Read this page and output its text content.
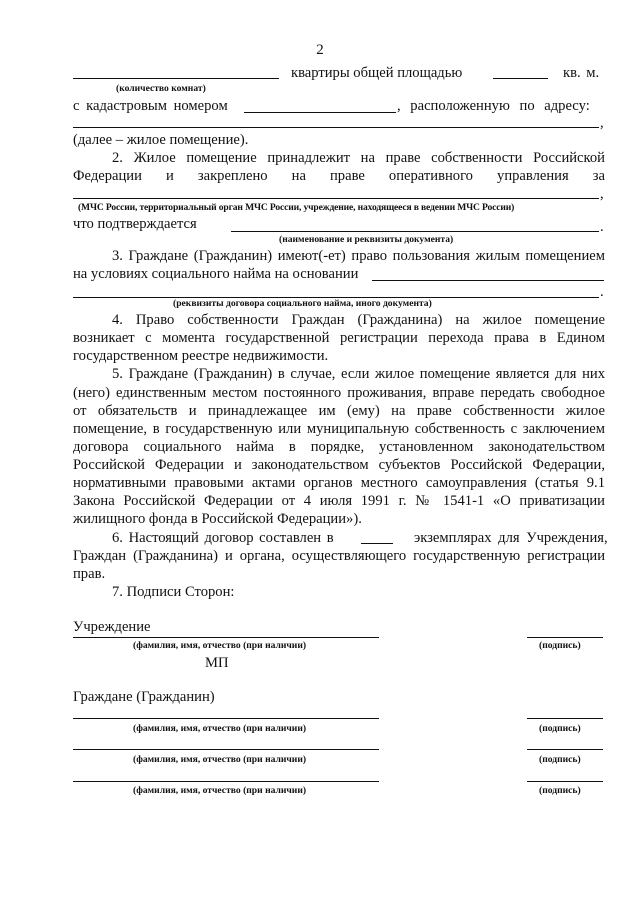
2
квартиры общей площадью	кв. м.
(количество комнат)
с кадастровым номером	, расположенную по адресу:
,
(далее – жилое помещение).
2. Жилое помещение принадлежит на праве собственности Российской
Федерации и закреплено на праве оперативного управления за
,
(МЧС России, территориальный орган МЧС России, учреждение, находящееся в ведении МЧС России)
что подтверждается	.
(наименование и реквизиты документа)
3. Граждане (Гражданин) имеют(-ет) право пользования жилым помещением
на условиях социального найма на основании
.
(реквизиты договора социального найма, иного документа)
4. Право собственности Граждан (Гражданина) на жилое помещение
возникает с момента государственной регистрации перехода права в Едином
государственном реестре недвижимости.
5. Граждане (Гражданин) в случае, если жилое помещение является для них
(него) единственным местом постоянного проживания, вправе передать свободное
от обязательств и принадлежащее им (ему) на праве собственности жилое
помещение, в государственную или муниципальную собственность с заключением
договора социального найма в порядке, установленном законодательством
Российской Федерации и законодательством субъектов Российской Федерации,
нормативными правовыми актами органов местного самоуправления (статья 9.1
Закона Российской Федерации от 4 июля 1991 г. № 1541-1 «О приватизации
жилищного фонда в Российской Федерации»).
6. Настоящий договор составлен в	экземплярах для Учреждения,
Граждан (Гражданина) и органа, осуществляющего государственную регистрации
прав.
7. Подписи Сторон:
Учреждение
(фамилия, имя, отчество (при наличии)	(подпись)
МП
Граждане (Гражданин)
(фамилия, имя, отчество (при наличии)	(подпись)
(фамилия, имя, отчество (при наличии)	(подпись)
(фамилия, имя, отчество (при наличии)	(подпись)
